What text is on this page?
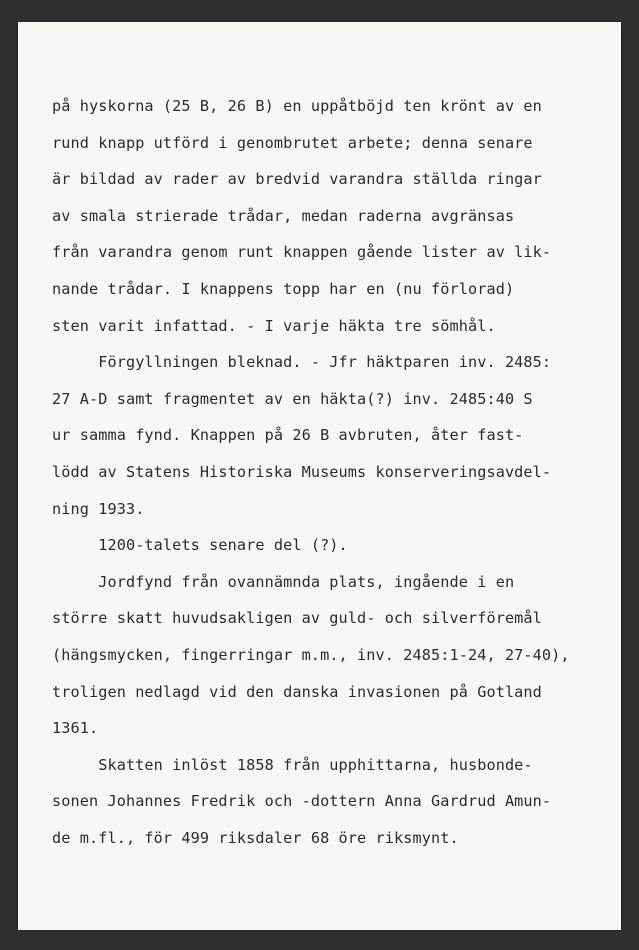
på hyskorna (25 B, 26 B) en uppåtböjd ten krönt av en
rund knapp utförd i genombrutet arbete; denna senare
är bildad av rader av bredvid varandra ställda ringar
av smala strierade trådar, medan raderna avgränsas
från varandra genom runt knappen gående lister av lik-
nande trådar. I knappens topp har en (nu förlorad)
sten varit infattad. - I varje häkta tre sömhål.
Förgyllningen bleknad. - Jfr häktparen inv. 2485:
27 A-D samt fragmentet av en häkta(?) inv. 2485:40 S
ur samma fynd. Knappen på 26 B avbruten, åter fast-
lödd av Statens Historiska Museums konserveringsavdel-
ning 1933.
1200-talets senare del (?).
Jordfynd från ovannämnda plats, ingående i en
större skatt huvudsakligen av guld- och silverföremål
(hängsmycken, fingerringar m.m., inv. 2485:1-24, 27-40),
troligen nedlagd vid den danska invasionen på Gotland
1361.
Skatten inlöst 1858 från upphittarna, husbonde-
sonen Johannes Fredrik och -dottern Anna Gardrud Amun-
de m.fl., för 499 riksdaler 68 öre riksmynt.
